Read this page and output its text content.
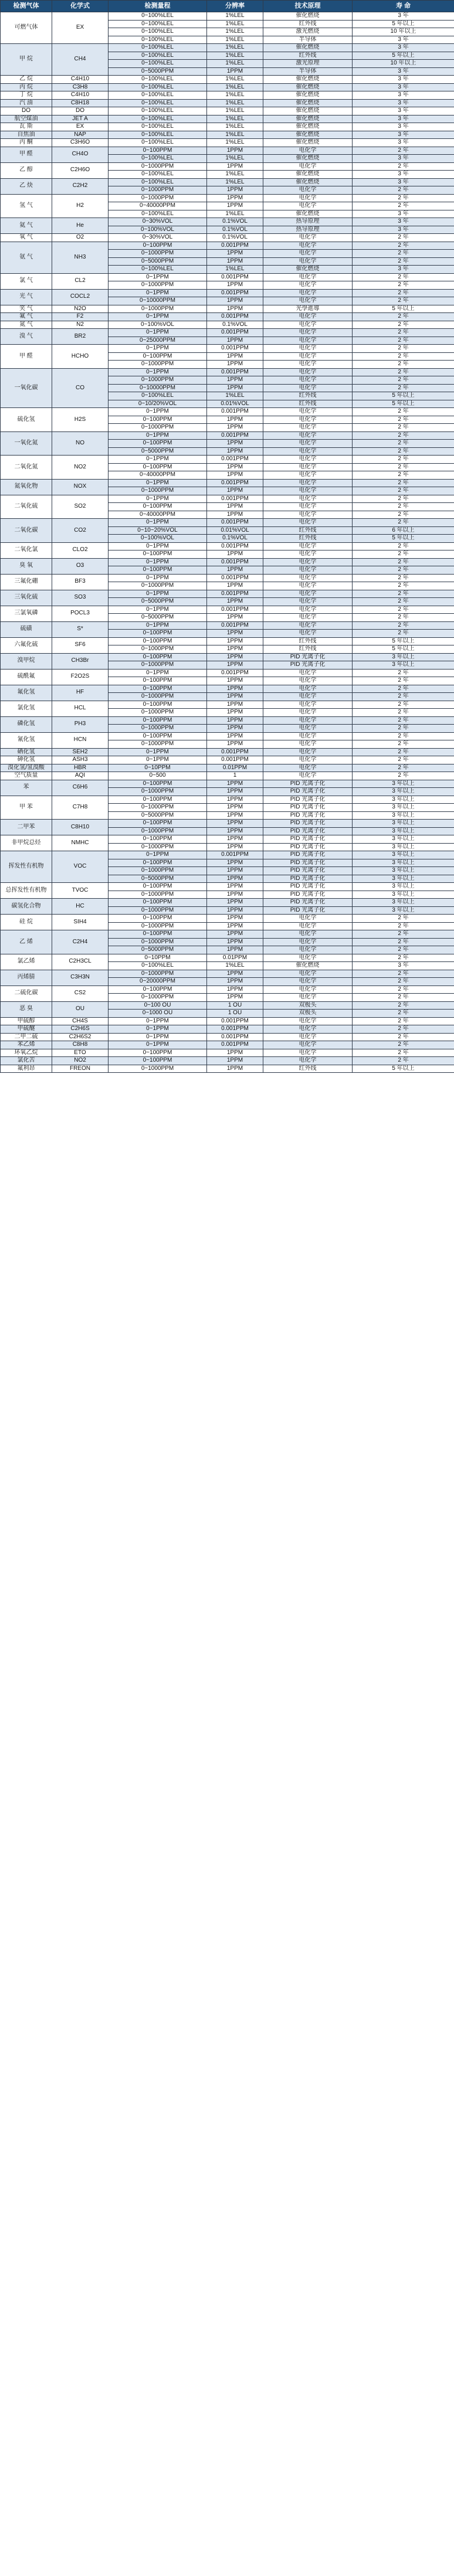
检测气体	化学式	检测量程	分辨率	技术原理	寿 命
可燃气体	EX	0~100%LEL	1%LEL	催化燃烧	3 年
		0~100%LEL	1%LEL	红外线	5 年以上
		0~100%LEL	1%LEL	激光燃烧	10 年以上
		0~100%LEL	1%LEL	半导体	3 年
甲 烷	CH4	0~100%LEL	1%LEL	催化燃烧	3 年
		0~100%LEL	1%LEL	红外线	5 年以上
		0~100%LEL	1%LEL	激光原理	10 年以上
		0~5000PPM	1PPM	半导体	3 年
乙 烷	C4H10	0~100%LEL	1%LEL	催化燃烧	3 年
丙 烷	C3H8	0~100%LEL	1%LEL	催化燃烧	3 年
丁 烷	C4H10	0~100%LEL	1%LEL	催化燃烧	3 年
汽 油	C8H18	0~100%LEL	1%LEL	催化燃烧	3 年
DO	DO	0~100%LEL	1%LEL	催化燃烧	3 年
航空煤油	JET A	0~100%LEL	1%LEL	催化燃烧	3 年
瓦 斯	EX	0~100%LEL	1%LEL	催化燃烧	3 年
自焦油	NAP	0~100%LEL	1%LEL	催化燃烧	3 年
丙 酮	C3H6O	0~100%LEL	1%LEL	催化燃烧	3 年
甲 醛	CH4O	0~100PPM	1PPM	电化学	2 年
		0~100%LEL	1%LEL	催化燃烧	3 年
乙 醇	C2H6O	0~1000PPM	1PPM	电化学	2 年
		0~100%LEL	1%LEL	催化燃烧	3 年
乙 炔	C2H2	0~100%LEL	1%LEL	催化燃烧	3 年
		0~1000PPM	1PPM	电化学	2 年
氢 气	H2	0~1000PPM	1PPM	电化学	2 年
		0~40000PPM	1PPM	电化学	2 年
		0~100%LEL	1%LEL	催化燃烧	3 年
氦 气	He	0~30%VOL	0.1%VOL	热导原理	3 年
		0~100%VOL	0.1%VOL	热导原理	3 年
氧 气	O2	0~30%VOL	0.1%VOL	电化学	2 年
氨 气	NH3	0~100PPM	0.001PPM	电化学	2 年
		0~1000PPM	1PPM	电化学	2 年
		0~5000PPM	1PPM	电化学	2 年
		0~100%LEL	1%LEL	催化燃烧	3 年
氯 气	CL2	0~1PPM	0.001PPM	电化学	2 年
		0~1000PPM	1PPM	电化学	2 年
光 气	COCL2	0~1PPM	0.001PPM	电化学	2 年
		0~10000PPM	1PPM	电化学	2 年
笑 气	N2O	0~1000PPM	1PPM	光學進導	5 年以上
氟 气	F2	0~1PPM	0.001PPM	电化学	2 年
氮 气	N2	0~100%VOL	0.1%VOL	电化学	2 年
溴 气	BR2	0~1PPM	0.001PPM	电化学	2 年
		0~25000PPM	1PPM	电化学	2 年
甲 醛	HCHO	0~1PPM	0.001PPM	电化学	2 年
		0~100PPM	1PPM	电化学	2 年
		0~1000PPM	1PPM	电化学	2 年
一氧化碳	CO	0~1PPM	0.001PPM	电化学	2 年
		0~1000PPM	1PPM	电化学	2 年
		0~10000PPM	1PPM	电化学	2 年
		0~100%LEL	1%LEL	红外线	5 年以上
		0~10/20%VOL	0.01%VOL	红外线	5 年以上
硫化氢	H2S	0~1PPM	0.001PPM	电化学	2 年
		0~100PPM	1PPM	电化学	2 年
		0~1000PPM	1PPM	电化学	2 年
一氧化氮	NO	0~1PPM	0.001PPM	电化学	2 年
		0~100PPM	1PPM	电化学	2 年
		0~5000PPM	1PPM	电化学	2 年
二氧化氮	NO2	0~1PPM	0.001PPM	电化学	2 年
		0~100PPM	1PPM	电化学	2 年
		0~40000PPM	1PPM	电化学	2 年
氮氧化物	NOX	0~1PPM	0.001PPM	电化学	2 年
		0~1000PPM	1PPM	电化学	2 年
二氧化硫	SO2	0~1PPM	0.001PPM	电化学	2 年
		0~100PPM	1PPM	电化学	2 年
		0~40000PPM	1PPM	电化学	2 年
二氧化碳	CO2	0~1PPM	0.001PPM	电化学	2 年
		0~10~20%VOL	0.01%VOL	红外线	6 年以上
		0~100%VOL	0.1%VOL	红外线	5 年以上
二氧化氯	CLO2	0~1PPM	0.001PPM	电化学	2 年
		0~100PPM	1PPM	电化学	2 年
臭 氧	O3	0~1PPM	0.001PPM	电化学	2 年
		0~100PPM	1PPM	电化学	2 年
三氟化硼	BF3	0~1PPM	0.001PPM	电化学	2 年
		0~1000PPM	1PPM	电化学	2 年
三氧化硫	SO3	0~1PPM	0.001PPM	电化学	2 年
		0~5000PPM	1PPM	电化学	2 年
三氯氧磷	POCL3	0~1PPM	0.001PPM	电化学	2 年
		0~5000PPM	1PPM	电化学	2 年
硫磺	S*	0~1PPM	0.001PPM	电化学	2 年
		0~100PPM	1PPM	电化学	2 年
六氟化硫	SF6	0~100PPM	1PPM	红外线	5 年以上
		0~1000PPM	1PPM	红外线	5 年以上
溴甲烷	CH3Br	0~100PPM	1PPM	PID 光离子化	3 年以上
		0~1000PPM	1PPM	PID 光离子化	3 年以上
硫酰氟	F2O2S	0~1PPM	0.001PPM	电化学	2 年
		0~100PPM	1PPM	电化学	2 年
氟化氢	HF	0~100PPM	1PPM	电化学	2 年
		0~1000PPM	1PPM	电化学	2 年
氯化氢	HCL	0~100PPM	1PPM	电化学	2 年
		0~1000PPM	1PPM	电化学	2 年
磷化氢	PH3	0~100PPM	1PPM	电化学	2 年
		0~1000PPM	1PPM	电化学	2 年
氰化氢	HCN	0~100PPM	1PPM	电化学	2 年
		0~1000PPM	1PPM	电化学	2 年
硒化氢	SEH2	0~1PPM	0.001PPM	电化学	2 年
砷化氢	ASH3	0~1PPM	0.001PPM	电化学	2 年
溴化氢/氢溴酸	HBR	0~10PPM	0.01PPM	电化学	2 年
空气质量	AQI	0~500	1	电化学	2 年
苯	C6H6	0~100PPM	1PPM	PID 光离子化	3 年以上
		0~1000PPM	1PPM	PID 光离子化	3 年以上
甲 苯	C7H8	0~100PPM	1PPM	PID 光离子化	3 年以上
		0~1000PPM	1PPM	PID 光离子化	3 年以上
		0~5000PPM	1PPM	PID 光离子化	3 年以上
二甲苯	C8H10	0~100PPM	1PPM	PID 光离子化	3 年以上
		0~1000PPM	1PPM	PID 光离子化	3 年以上
非甲烷总烃	NMHC	0~100PPM	1PPM	PID 光离子化	3 年以上
		0~1000PPM	1PPM	PID 光离子化	3 年以上
挥发性有机物	VOC	0~1PPM	0.001PPM	PID 光离子化	3 年以上
		0~100PPM	1PPM	PID 光离子化	3 年以上
		0~1000PPM	1PPM	PID 光离子化	3 年以上
		0~5000PPM	1PPM	PID 光离子化	3 年以上
总挥发性有机物	TVOC	0~100PPM	1PPM	PID 光离子化	3 年以上
		0~1000PPM	1PPM	PID 光离子化	3 年以上
碳氢化合物	HC	0~100PPM	1PPM	PID 光离子化	3 年以上
		0~1000PPM	1PPM	PID 光离子化	3 年以上
硅 烷	SIH4	0~100PPM	1PPM	电化学	2 年
		0~1000PPM	1PPM	电化学	2 年
乙 烯	C2H4	0~100PPM	1PPM	电化学	2 年
		0~1000PPM	1PPM	电化学	2 年
		0~5000PPM	1PPM	电化学	2 年
氯乙烯	C2H3CL	0~10PPM	0.01PPM	电化学	2 年
		0~100%LEL	1%LEL	催化燃烧	3 年
丙烯腈	C3H3N	0~1000PPM	1PPM	电化学	2 年
		0~20000PPM	1PPM	电化学	2 年
二硫化碳	CS2	0~100PPM	1PPM	电化学	2 年
		0~1000PPM	1PPM	电化学	2 年
恶 臭	OU	0~100 OU	1 OU	双极头	2 年
		0~1000 OU	1 OU	双极头	2 年
甲硫醇	CH4S	0~1PPM	0.001PPM	电化学	2 年
甲硫醚	C2H6S	0~1PPM	0.001PPM	电化学	2 年
二甲二硫	C2H6S2	0~1PPM	0.001PPM	电化学	2 年
苯乙烯	C8H8	0~1PPM	0.001PPM	电化学	2 年
环氧乙烷	ETO	0~100PPM	1PPM	电化学	2 年
氯化苦	NO2	0~100PPM	1PPM	电化学	2 年
氟利昂	FREON	0~1000PPM	1PPM	红外线	5 年以上
